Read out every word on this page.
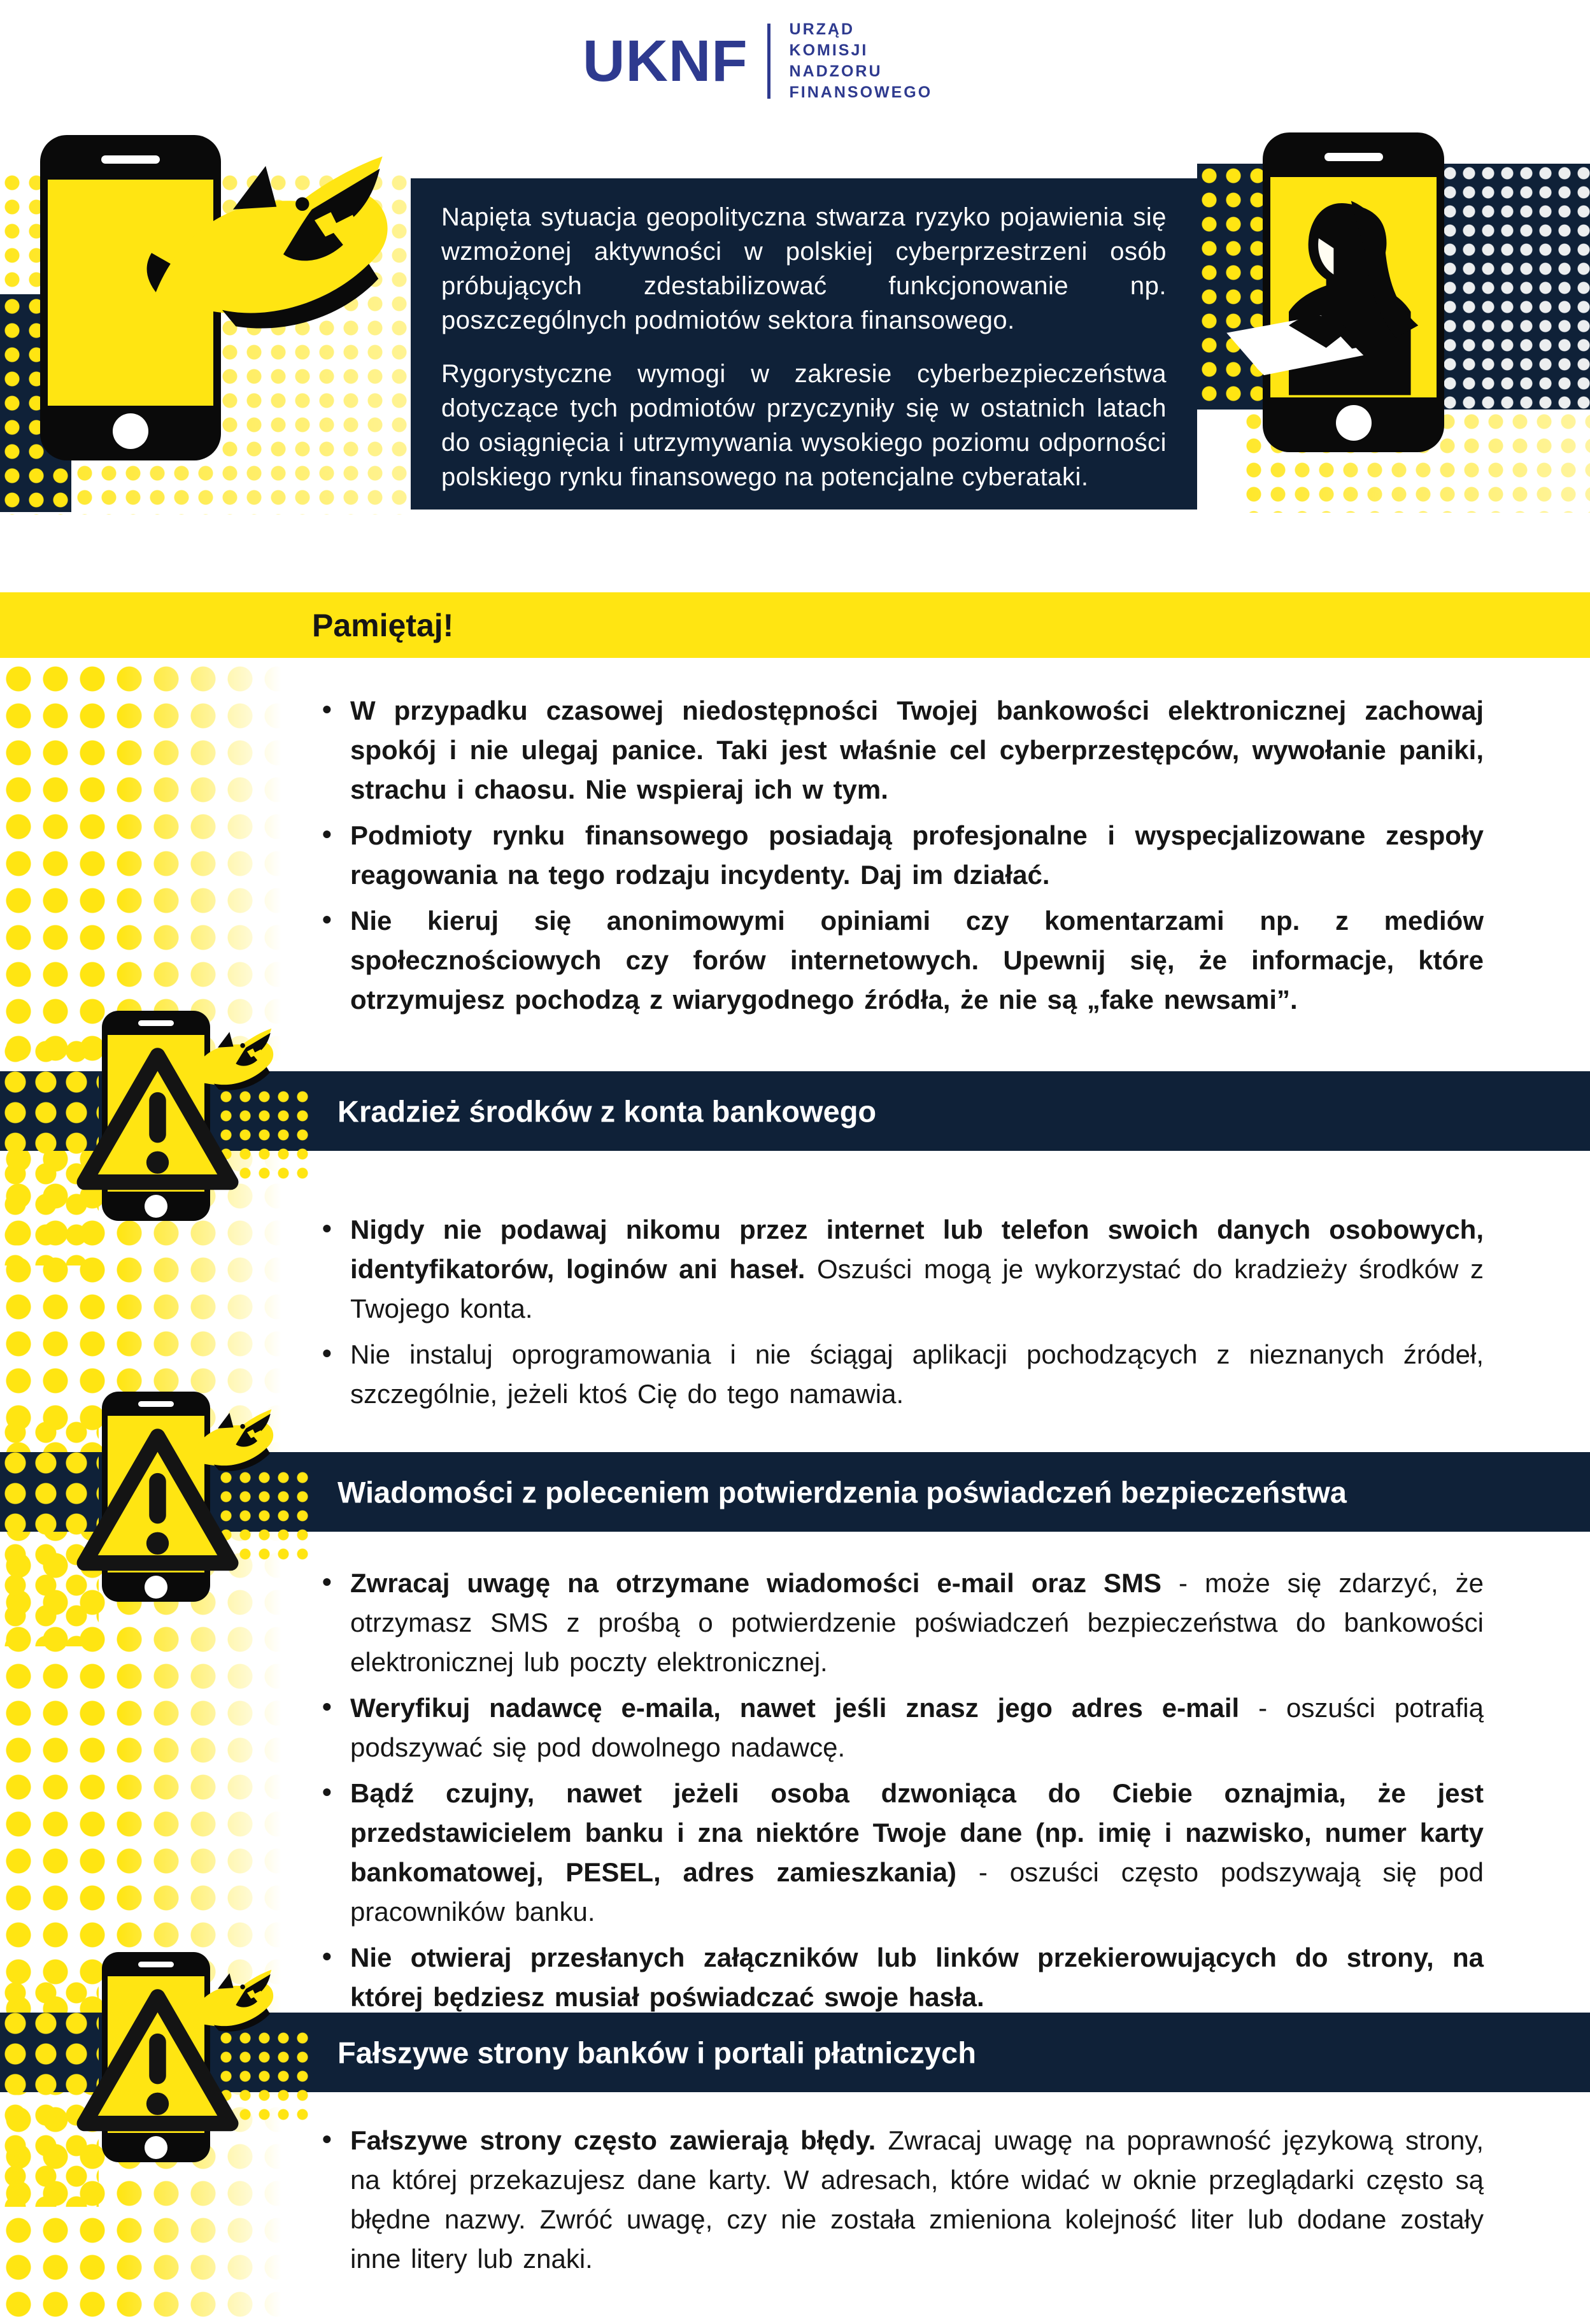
UKNF	URZĄD
KOMISJI
NADZORU
FINANSOWEGO

Napięta sytuacja geopolityczna stwarza ryzyko pojawienia się wzmożonej aktywności w polskiej cyberprzestrzeni osób próbujących zdestabilizować funkcjonowanie np. poszczególnych podmiotów sektora finansowego.

Rygorystyczne wymogi w zakresie cyberbezpieczeństwa dotyczące tych podmiotów przyczyniły się w ostatnich latach do osiągnięcia i utrzymywania wysokiego poziomu odporności polskiego rynku finansowego na potencjalne cyberataki.

Pamiętaj!
• W przypadku czasowej niedostępności Twojej bankowości elektronicznej zachowaj spokój i nie ulegaj panice. Taki jest właśnie cel cyberprzestępców, wywołanie paniki, strachu i chaosu. Nie wspieraj ich w tym.
• Podmioty rynku finansowego posiadają profesjonalne i wyspecjalizowane zespoły reagowania na tego rodzaju incydenty. Daj im działać.
• Nie kieruj się anonimowymi opiniami czy komentarzami np. z mediów społecznościowych czy forów internetowych. Upewnij się, że informacje, które otrzymujesz pochodzą z wiarygodnego źródła, że nie są „fake newsami”.
Kradzież środków z konta bankowego
• Nigdy nie podawaj nikomu przez internet lub telefon swoich danych osobowych, identyfikatorów, loginów ani haseł. Oszuści mogą je wykorzystać do kradzieży środków z Twojego konta.
• Nie instaluj oprogramowania i nie ściągaj aplikacji pochodzących z nieznanych źródeł, szczególnie, jeżeli ktoś Cię do tego namawia.
Wiadomości z poleceniem potwierdzenia poświadczeń bezpieczeństwa
• Zwracaj uwagę na otrzymane wiadomości e-mail oraz SMS - może się zdarzyć, że otrzymasz SMS z prośbą o potwierdzenie poświadczeń bezpieczeństwa do bankowości elektronicznej lub poczty elektronicznej.
• Weryfikuj nadawcę e-maila, nawet jeśli znasz jego adres e-mail - oszuści potrafią podszywać się pod dowolnego nadawcę.
• Bądź czujny, nawet jeżeli osoba dzwoniąca do Ciebie oznajmia, że jest przedstawicielem banku i zna niektóre Twoje dane (np. imię i nazwisko, numer karty bankomatowej, PESEL, adres zamieszkania) - oszuści często podszywają się pod pracowników banku.
• Nie otwieraj przesłanych załączników lub linków przekierowujących do strony, na której będziesz musiał poświadczać swoje hasła.
Fałszywe strony banków i portali płatniczych
• Fałszywe strony często zawierają błędy. Zwracaj uwagę na poprawność językową strony, na której przekazujesz dane karty. W adresach, które widać w oknie przeglądarki często są błędne nazwy. Zwróć uwagę, czy nie została zmieniona kolejność liter lub dodane zostały inne litery lub znaki.
